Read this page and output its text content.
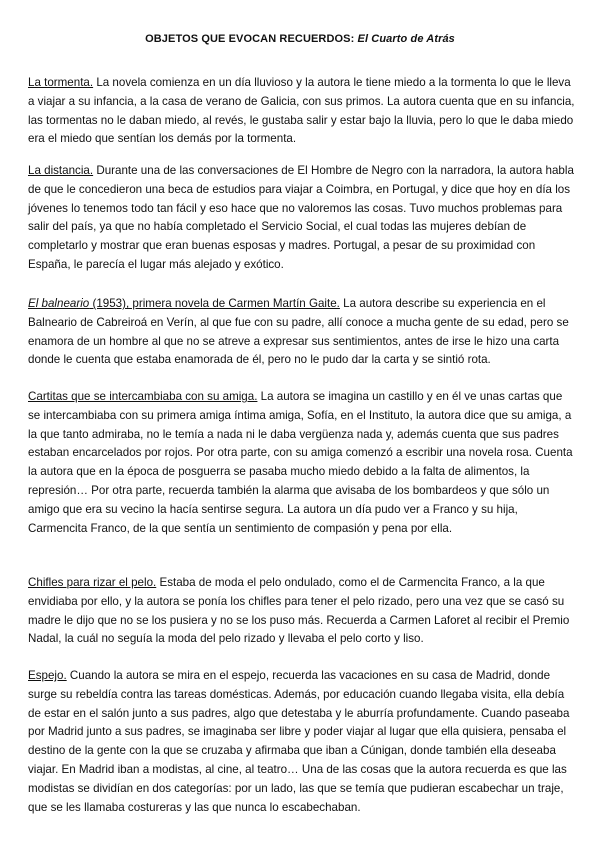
OBJETOS QUE EVOCAN RECUERDOS: El Cuarto de Atrás

La tormenta. La novela comienza en un día lluvioso y la autora le tiene miedo a la tormenta lo que le lleva a viajar a su infancia, a la casa de verano de Galicia, con sus primos. La autora cuenta que en su infancia, las tormentas no le daban miedo, al revés, le gustaba salir y estar bajo la lluvia, pero lo que le daba miedo era el miedo que sentían los demás por la tormenta.

La distancia. Durante una de las conversaciones de El Hombre de Negro con la narradora, la autora habla de que le concedieron una beca de estudios para viajar a Coimbra, en Portugal, y dice que hoy en día los jóvenes lo tenemos todo tan fácil y eso hace que no valoremos las cosas. Tuvo muchos problemas para salir del país, ya que no había completado el Servicio Social, el cual todas las mujeres debían de completarlo y mostrar que eran buenas esposas y madres. Portugal, a pesar de su proximidad con España, le parecía el lugar más alejado y exótico.

El balneario (1953), primera novela de Carmen Martín Gaite. La autora describe su experiencia en el Balneario de Cabreiroá en Verín, al que fue con su padre, allí conoce a mucha gente de su edad, pero se enamora de un hombre al que no se atreve a expresar sus sentimientos, antes de irse le hizo una carta donde le cuenta que estaba enamorada de él, pero no le pudo dar la carta y se sintió rota.

Cartitas que se intercambiaba con su amiga. La autora se imagina un castillo y en él ve unas cartas que se intercambiaba con su primera amiga íntima amiga, Sofía, en el Instituto, la autora dice que su amiga, a la que tanto admiraba, no le temía a nada ni le daba vergüenza nada y, además cuenta que sus padres estaban encarcelados por rojos. Por otra parte, con su amiga comenzó a escribir una novela rosa. Cuenta la autora que en la época de posguerra se pasaba mucho miedo debido a la falta de alimentos, la represión… Por otra parte, recuerda también la alarma que avisaba de los bombardeos y que sólo un amigo que era su vecino la hacía sentirse segura. La autora un día pudo ver a Franco y su hija, Carmencita Franco, de la que sentía un sentimiento de compasión y pena por ella.

Chifles para rizar el pelo. Estaba de moda el pelo ondulado, como el de Carmencita Franco, a la que envidiaba por ello, y la autora se ponía los chifles para tener el pelo rizado, pero una vez que se casó su madre le dijo que no se los pusiera y no se los puso más. Recuerda a Carmen Laforet al recibir el Premio Nadal, la cuál no seguía la moda del pelo rizado y llevaba el pelo corto y liso.

Espejo. Cuando la autora se mira en el espejo, recuerda las vacaciones en su casa de Madrid, donde surge su rebeldía contra las tareas domésticas. Además, por educación cuando llegaba visita, ella debía de estar en el salón junto a sus padres, algo que detestaba y le aburría profundamente. Cuando paseaba por Madrid junto a sus padres, se imaginaba ser libre y poder viajar al lugar que ella quisiera, pensaba el destino de la gente con la que se cruzaba y afirmaba que iban a Cúnigan, donde también ella deseaba viajar. En Madrid iban a modistas, al cine, al teatro… Una de las cosas que la autora recuerda es que las modistas se dividían en dos categorías: por un lado, las que se temía que pudieran escabechar un traje, que se les llamaba costureras y las que nunca lo escabechaban.
